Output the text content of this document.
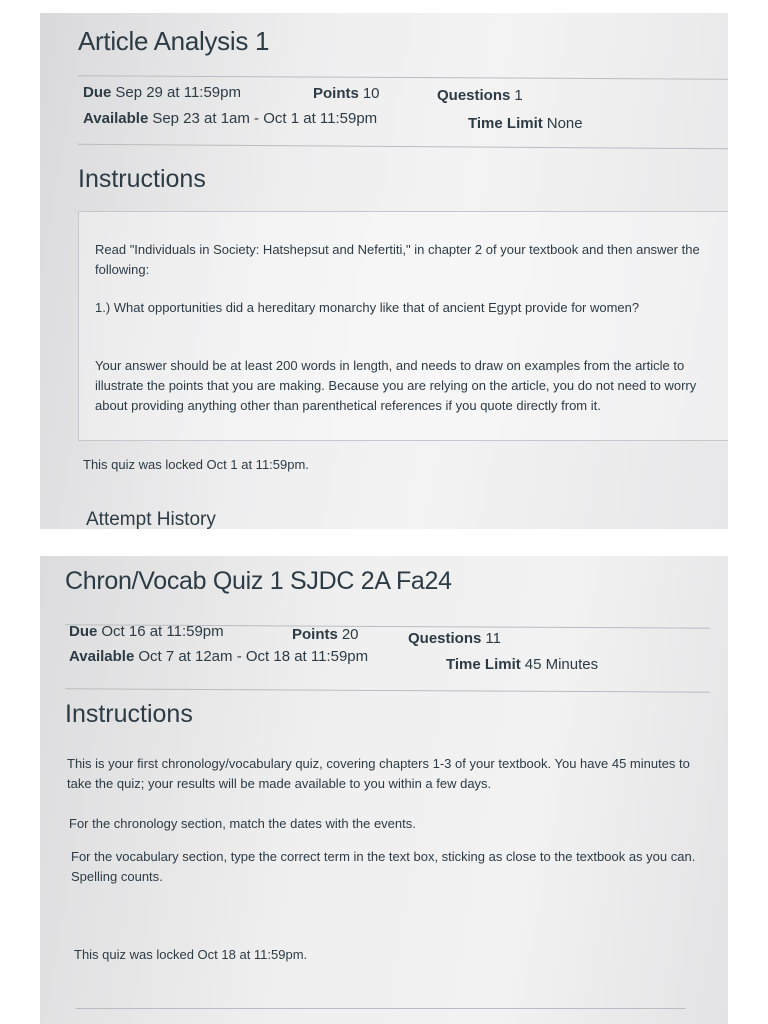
Article Analysis 1
Due Sep 29 at 11:59pm	Points 10	Questions 1
Available Sep 23 at 1am - Oct 1 at 11:59pm	Time Limit None
Instructions

Read "Individuals in Society: Hatshepsut and Nefertiti," in chapter 2 of your textbook and then answer the following:

1.) What opportunities did a hereditary monarchy like that of ancient Egypt provide for women?

Your answer should be at least 200 words in length, and needs to draw on examples from the article to illustrate the points that you are making. Because you are relying on the article, you do not need to worry about providing anything other than parenthetical references if you quote directly from it.

This quiz was locked Oct 1 at 11:59pm.

Attempt History
Chron/Vocab Quiz 1 SJDC 2A Fa24
Due Oct 16 at 11:59pm	Points 20	Questions 11
Available Oct 7 at 12am - Oct 18 at 11:59pm	Time Limit 45 Minutes
Instructions

This is your first chronology/vocabulary quiz, covering chapters 1-3 of your textbook. You have 45 minutes to take the quiz; your results will be made available to you within a few days.

For the chronology section, match the dates with the events.

For the vocabulary section, type the correct term in the text box, sticking as close to the textbook as you can. Spelling counts.

This quiz was locked Oct 18 at 11:59pm.
